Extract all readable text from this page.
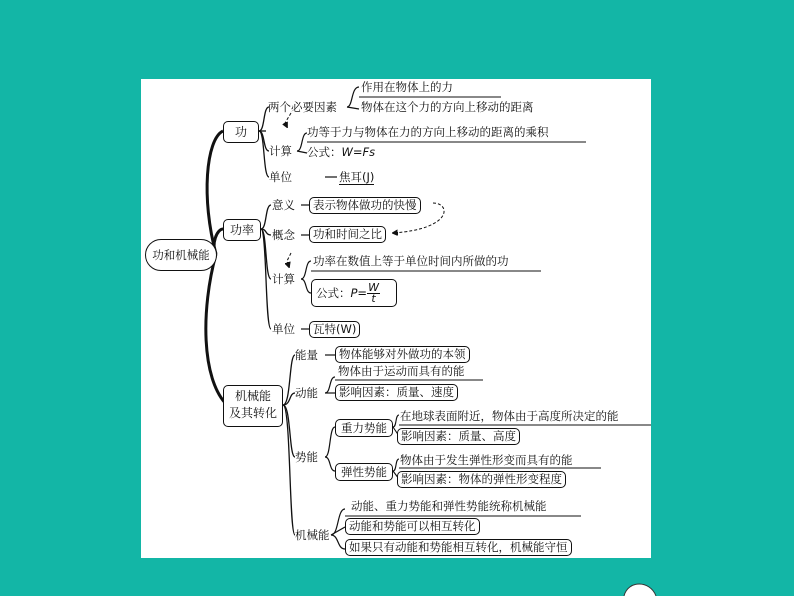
功和机械能
功
两个必要因素
作用在物体上的力
物体在这个力的方向上移动的距离
计算
功等于力与物体在力的方向上移动的距离的乘积
公式：W=Fs
单位	焦耳(J)
功率
意义	表示物体做功的快慢
概念	功和时间之比
计算
功率在数值上等于单位时间内所做的功
公式：$P= \frac{W}{t}$
单位	瓦特(W)
机械能
及其转化
能量	物体能够对外做功的本领
动能
物体由于运动而具有的能
影响因素：质量、速度
势能
重力势能
在地球表面附近，物体由于高度所决定的能
影响因素：质量、高度
弹性势能
物体由于发生弹性形变而具有的能
影响因素：物体的弹性形变程度
机械能
动能、重力势能和弹性势能统称机械能
动能和势能可以相互转化
如果只有动能和势能相互转化，机械能守恒
